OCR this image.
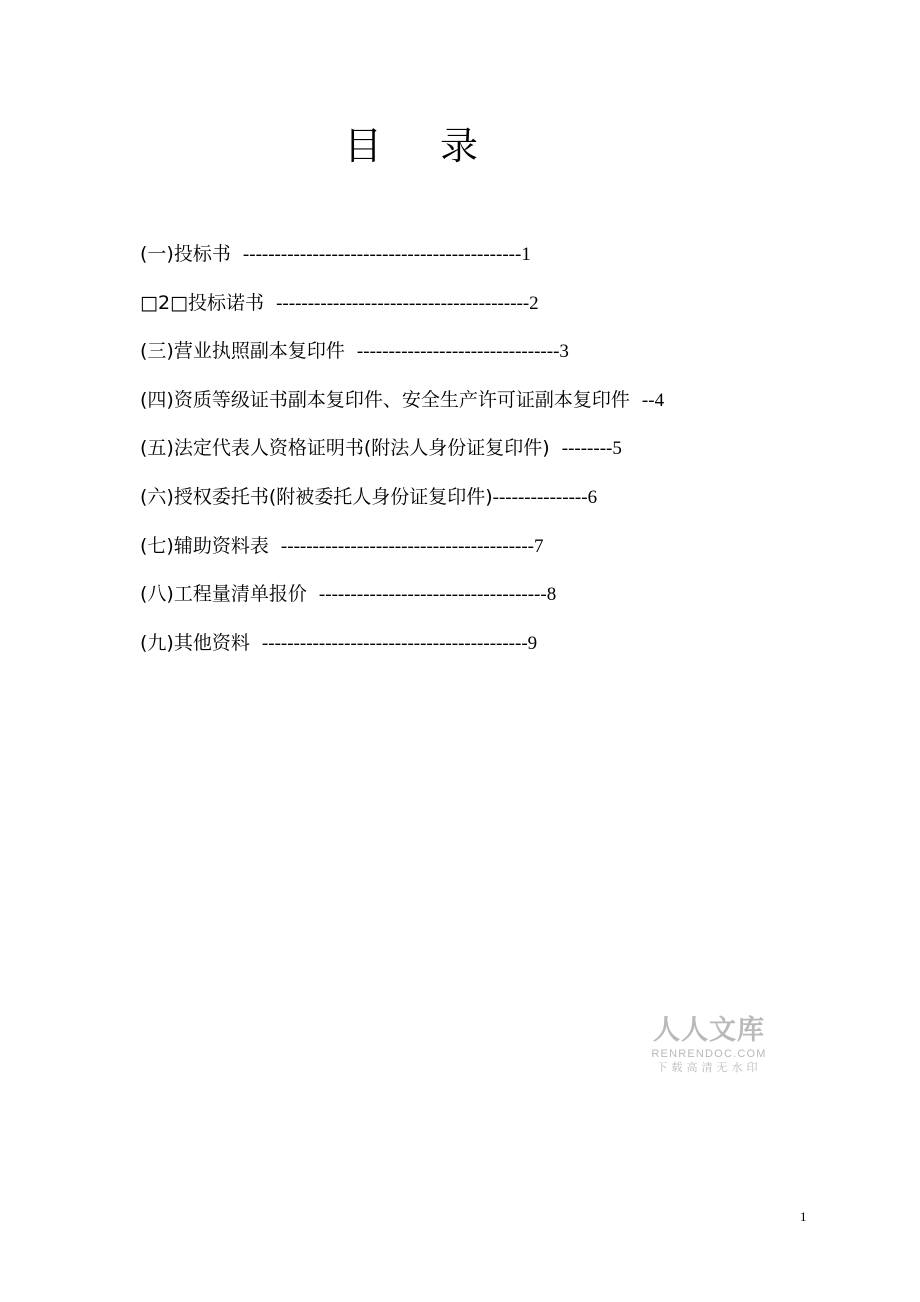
目录
(一)投标书 --------------------------------------------1
□2□投标诺书 ----------------------------------------2
(三)营业执照副本复印件 --------------------------------3
(四)资质等级证书副本复印件、安全生产许可证副本复印件 --4
(五)法定代表人资格证明书(附法人身份证复印件) --------5
(六)授权委托书(附被委托人身份证复印件)---------------6
(七)辅助资料表 ----------------------------------------7
(八)工程量清单报价 ------------------------------------8
(九)其他资料 ------------------------------------------9
人人文库
RENRENDOC.COM
下载高清无水印
1
